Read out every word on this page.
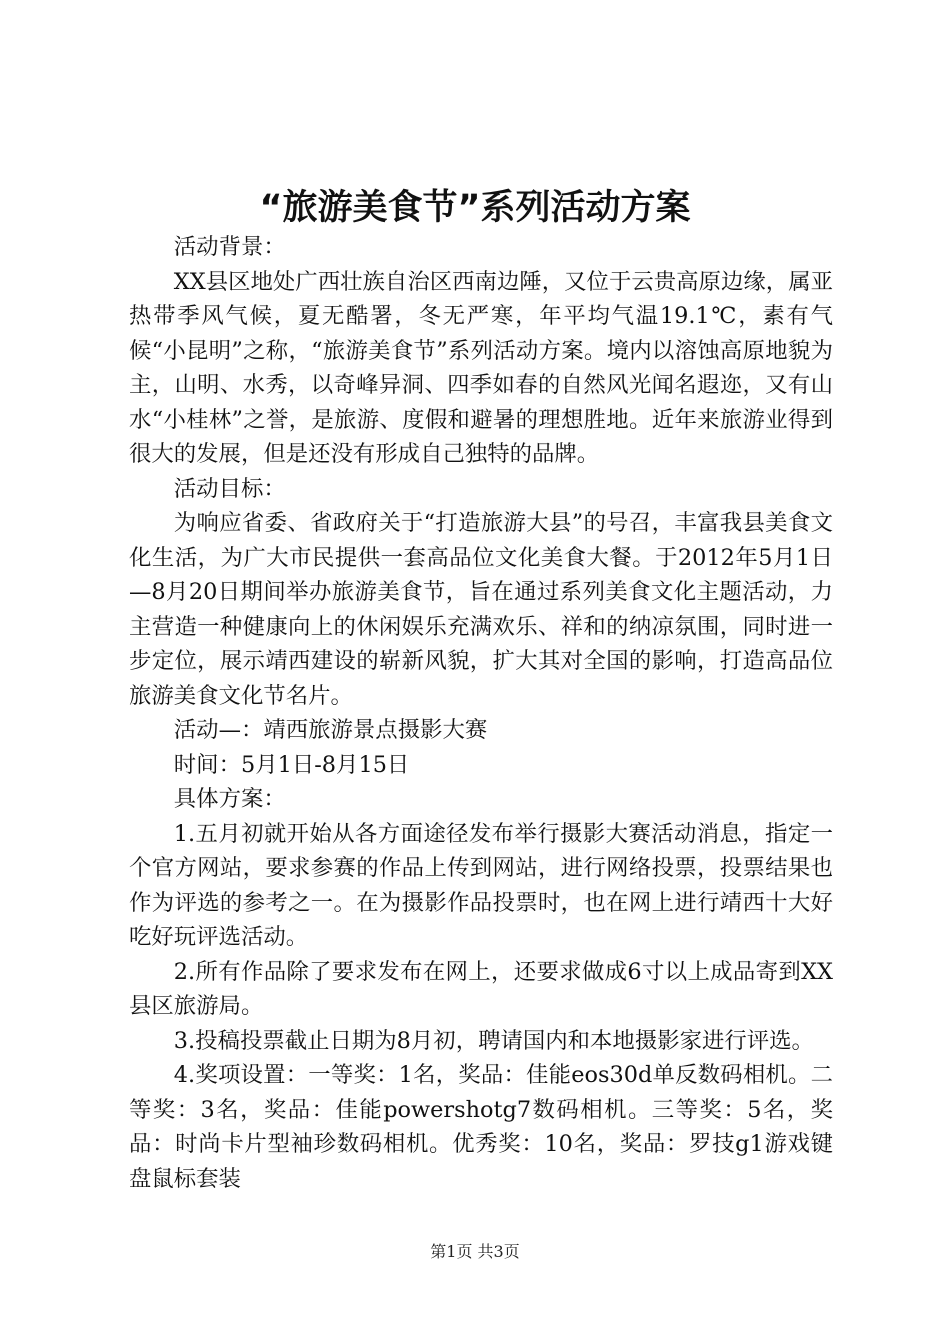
“旅游美食节”系列活动方案

活动背景：

XX县区地处广西壮族自治区西南边陲，又位于云贵高原边缘，属亚热带季风气候，夏无酷署，冬无严寒，年平均气温19.1℃，素有气候“小昆明”之称，“旅游美食节”系列活动方案。境内以溶蚀高原地貌为主，山明、水秀，以奇峰异洞、四季如春的自然风光闻名遐迩，又有山水“小桂林”之誉，是旅游、度假和避暑的理想胜地。近年来旅游业得到很大的发展，但是还没有形成自己独特的品牌。

活动目标：

为响应省委、省政府关于“打造旅游大县”的号召，丰富我县美食文化生活，为广大市民提供一套高品位文化美食大餐。于2012年5月1日—8月20日期间举办旅游美食节，旨在通过系列美食文化主题活动，力主营造一种健康向上的休闲娱乐充满欢乐、祥和的纳凉氛围，同时进一步定位，展示靖西建设的崭新风貌，扩大其对全国的影响，打造高品位旅游美食文化节名片。

活动—：靖西旅游景点摄影大赛

时间：5月1日-8月15日

具体方案：

1.五月初就开始从各方面途径发布举行摄影大赛活动消息，指定一个官方网站，要求参赛的作品上传到网站，进行网络投票，投票结果也作为评选的参考之一。在为摄影作品投票时，也在网上进行靖西十大好吃好玩评选活动。

2.所有作品除了要求发布在网上，还要求做成6寸以上成品寄到XX县区旅游局。

3.投稿投票截止日期为8月初，聘请国内和本地摄影家进行评选。

4.奖项设置：一等奖：1名，奖品：佳能eos30d单反数码相机。二等奖：3名，奖品：佳能powershotg7数码相机。三等奖：5名，奖品：时尚卡片型袖珍数码相机。优秀奖：10名，奖品：罗技g1游戏键盘鼠标套装

第1页 共3页
